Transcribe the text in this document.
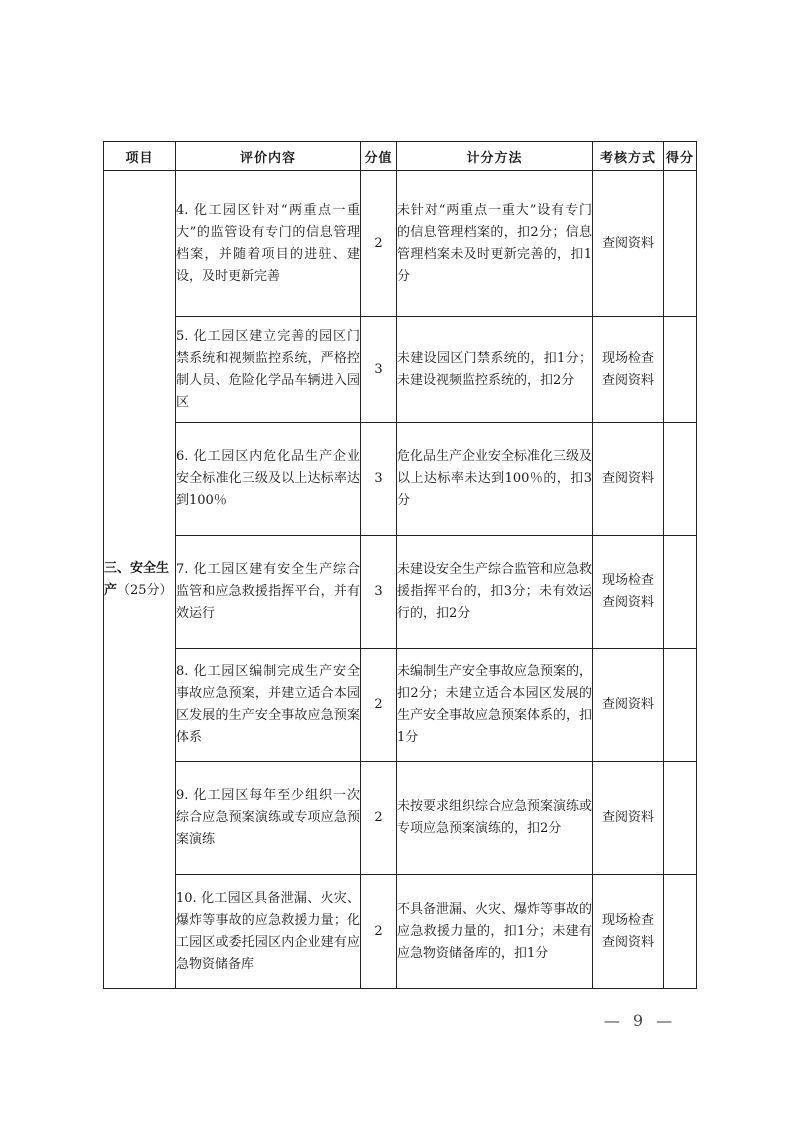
项目	评价内容	分值	计分方法	考核方式	得分
三、安全生产（25分）	4. 化工园区针对“两重点一重大”的监管设有专门的信息管理档案，并随着项目的进驻、建设，及时更新完善	2	未针对“两重点一重大”设有专门的信息管理档案的，扣2分；信息管理档案未及时更新完善的，扣1分	查阅资料	

	5. 化工园区建立完善的园区门禁系统和视频监控系统，严格控制人员、危险化学品车辆进入园区	3	未建设园区门禁系统的，扣1分；未建设视频监控系统的，扣2分	现场检查
查阅资料	

	6. 化工园区内危化品生产企业安全标准化三级及以上达标率达到100％	3	危化品生产企业安全标准化三级及以上达标率未达到100％的，扣3分	查阅资料	

	7. 化工园区建有安全生产综合监管和应急救援指挥平台，并有效运行	3	未建设安全生产综合监管和应急救援指挥平台的，扣3分；未有效运行的，扣2分	现场检查
查阅资料	

	8. 化工园区编制完成生产安全事故应急预案，并建立适合本园区发展的生产安全事故应急预案体系	2	未编制生产安全事故应急预案的，扣2分；未建立适合本园区发展的生产安全事故应急预案体系的，扣1分	查阅资料	

	9. 化工园区每年至少组织一次综合应急预案演练或专项应急预案演练	2	未按要求组织综合应急预案演练或专项应急预案演练的，扣2分	查阅资料	

	10. 化工园区具备泄漏、火灾、爆炸等事故的应急救援力量；化工园区或委托园区内企业建有应急物资储备库	2	不具备泄漏、火灾、爆炸等事故的应急救援力量的，扣1分；未建有应急物资储备库的，扣1分	现场检查
查阅资料	

— 9 —
